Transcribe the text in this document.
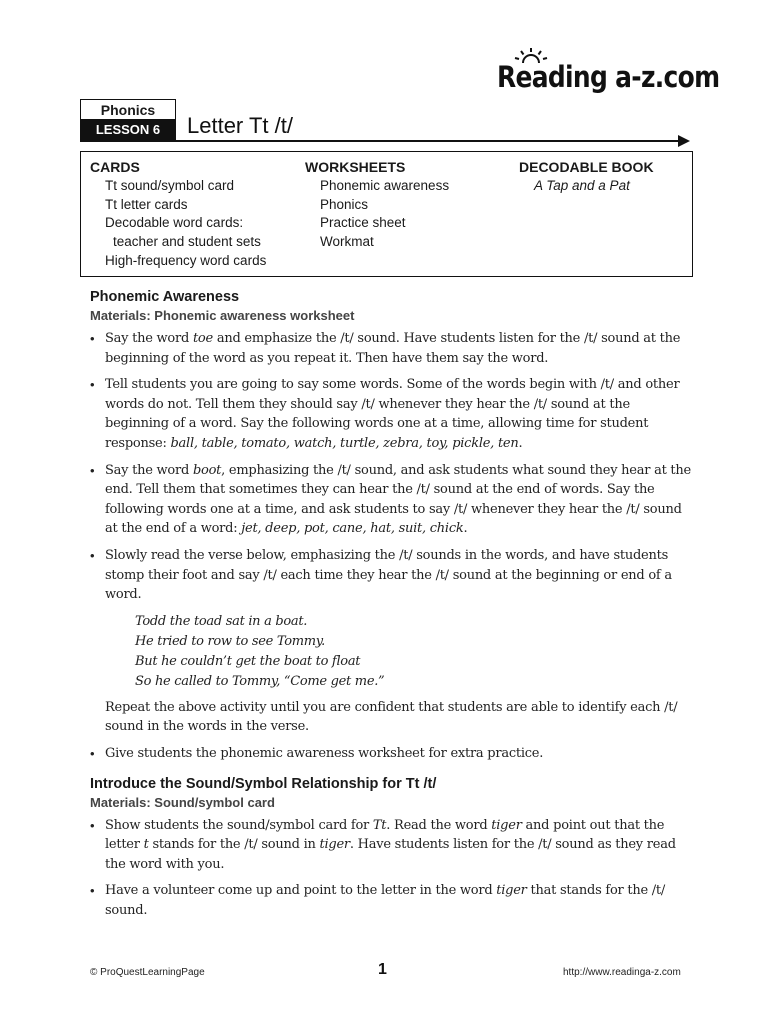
Reading a-z.com
Phonics
LESSON 6	Letter Tt /t/
CARDS
Tt sound/symbol card
Tt letter cards
Decodable word cards:
teacher and student sets
High-frequency word cards
WORKSHEETS
Phonemic awareness
Phonics
Practice sheet
Workmat
DECODABLE BOOK
A Tap and a Pat
Phonemic Awareness
Materials: Phonemic awareness worksheet
• Say the word toe and emphasize the /t/ sound. Have students listen for the /t/ sound at the beginning of the word as you repeat it. Then have them say the word.
• Tell students you are going to say some words. Some of the words begin with /t/ and other words do not. Tell them they should say /t/ whenever they hear the /t/ sound at the beginning of a word. Say the following words one at a time, allowing time for student response: ball, table, tomato, watch, turtle, zebra, toy, pickle, ten.
• Say the word boot, emphasizing the /t/ sound, and ask students what sound they hear at the end. Tell them that sometimes they can hear the /t/ sound at the end of words. Say the following words one at a time, and ask students to say /t/ whenever they hear the /t/ sound at the end of a word: jet, deep, pot, cane, hat, suit, chick.
• Slowly read the verse below, emphasizing the /t/ sounds in the words, and have students stomp their foot and say /t/ each time they hear the /t/ sound at the beginning or end of a word.
Todd the toad sat in a boat.
He tried to row to see Tommy.
But he couldn’t get the boat to float
So he called to Tommy, “Come get me.”

Repeat the above activity until you are confident that students are able to identify each /t/ sound in the words in the verse.

• Give students the phonemic awareness worksheet for extra practice.
Introduce the Sound/Symbol Relationship for Tt /t/
Materials: Sound/symbol card
• Show students the sound/symbol card for Tt. Read the word tiger and point out that the letter t stands for the /t/ sound in tiger. Have students listen for the /t/ sound as they read the word with you.
• Have a volunteer come up and point to the letter in the word tiger that stands for the /t/ sound.
© ProQuestLearningPage	1	http://www.readinga-z.com
